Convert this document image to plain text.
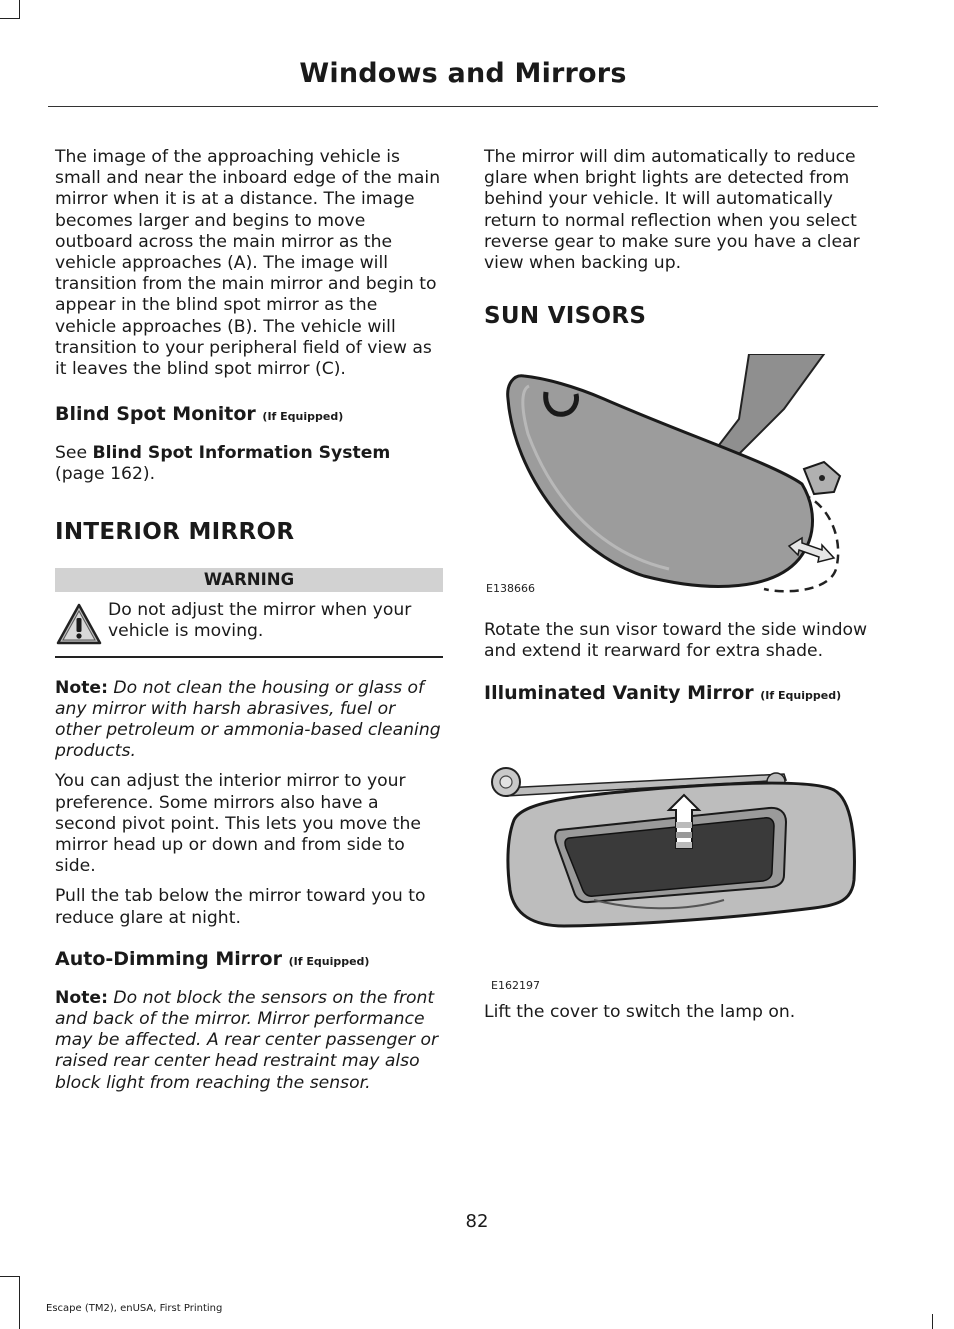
Windows and Mirrors

The image of the approaching vehicle is small and near the inboard edge of the main mirror when it is at a distance. The image becomes larger and begins to move outboard across the main mirror as the vehicle approaches (A). The image will transition from the main mirror and begin to appear in the blind spot mirror as the vehicle approaches (B). The vehicle will transition to your peripheral field of view as it leaves the blind spot mirror (C).

Blind Spot Monitor (If Equipped)

See Blind Spot Information System
(page 162).

INTERIOR MIRROR
WARNING

Do not adjust the mirror when your vehicle is moving.

Note: Do not clean the housing or glass of any mirror with harsh abrasives, fuel or other petroleum or ammonia-based cleaning products.

You can adjust the interior mirror to your preference. Some mirrors also have a second pivot point. This lets you move the mirror head up or down and from side to side.

Pull the tab below the mirror toward you to reduce glare at night.

Auto-Dimming Mirror (If Equipped)

Note: Do not block the sensors on the front and back of the mirror. Mirror performance may be affected. A rear center passenger or raised rear center head restraint may also block light from reaching the sensor.

The mirror will dim automatically to reduce glare when bright lights are detected from behind your vehicle. It will automatically return to normal reflection when you select reverse gear to make sure you have a clear view when backing up.

SUN VISORS
E138666

Rotate the sun visor toward the side window and extend it rearward for extra shade.

Illuminated Vanity Mirror (If Equipped)
E162197

Lift the cover to switch the lamp on.

82
Escape (TM2), enUSA, First Printing
